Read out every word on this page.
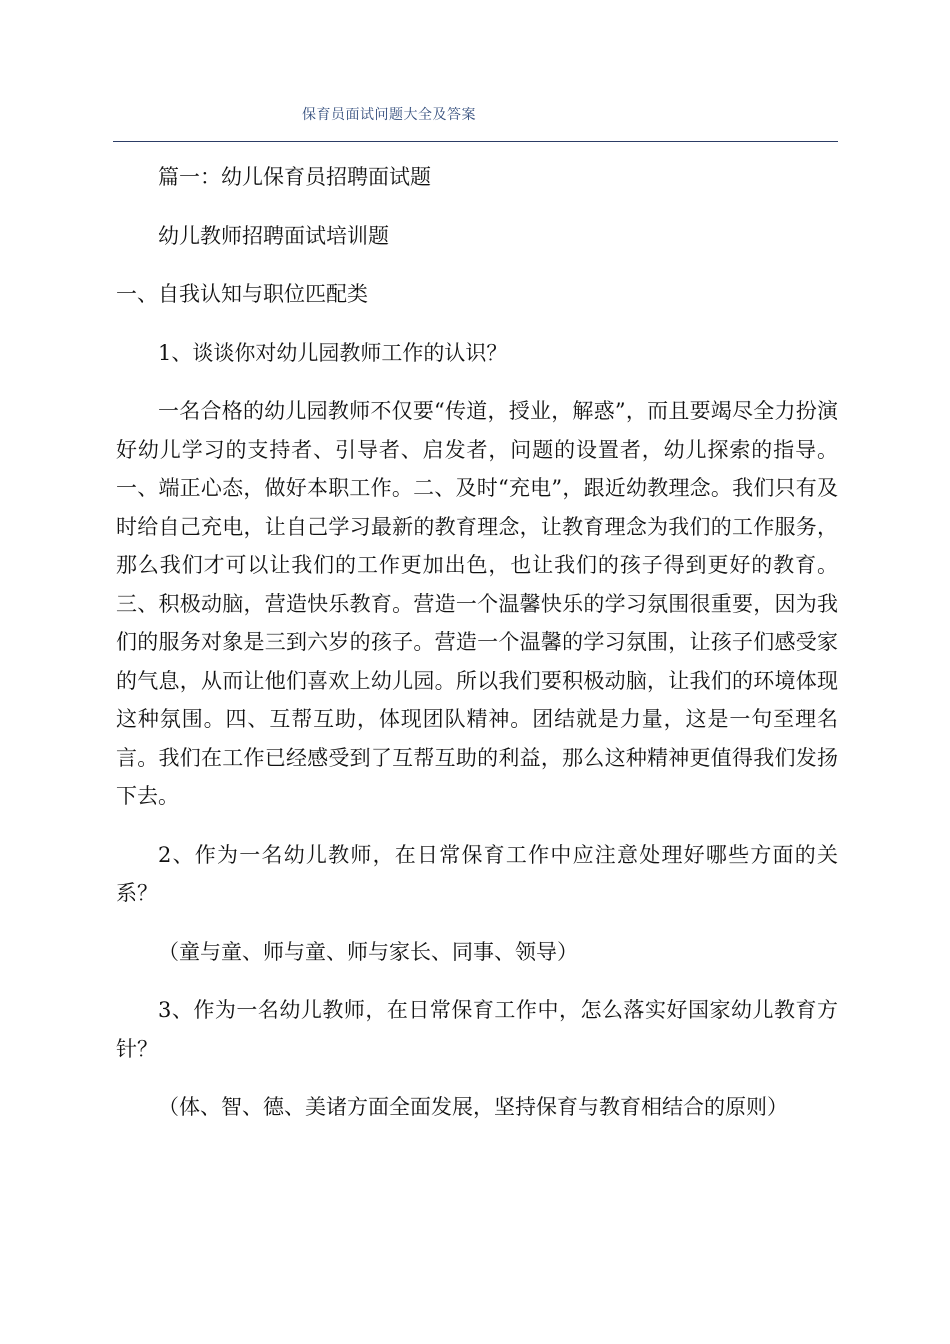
保育员面试问题大全及答案

篇一：幼儿保育员招聘面试题

幼儿教师招聘面试培训题

一、自我认知与职位匹配类

1、谈谈你对幼儿园教师工作的认识？

一名合格的幼儿园教师不仅要“传道，授业，解惑”，而且要竭尽全力扮演好幼儿学习的支持者、引导者、启发者，问题的设置者，幼儿探索的指导。一、端正心态，做好本职工作。二、及时“充电”，跟近幼教理念。我们只有及时给自己充电，让自己学习最新的教育理念，让教育理念为我们的工作服务，那么我们才可以让我们的工作更加出色，也让我们的孩子得到更好的教育。三、积极动脑，营造快乐教育。营造一个温馨快乐的学习氛围很重要，因为我们的服务对象是三到六岁的孩子。营造一个温馨的学习氛围，让孩子们感受家的气息，从而让他们喜欢上幼儿园。所以我们要积极动脑，让我们的环境体现这种氛围。四、互帮互助，体现团队精神。团结就是力量，这是一句至理名言。我们在工作已经感受到了互帮互助的利益，那么这种精神更值得我们发扬下去。

2、作为一名幼儿教师，在日常保育工作中应注意处理好哪些方面的关系？

（童与童、师与童、师与家长、同事、领导）

3、作为一名幼儿教师，在日常保育工作中，怎么落实好国家幼儿教育方针？

（体、智、德、美诸方面全面发展，坚持保育与教育相结合的原则）
